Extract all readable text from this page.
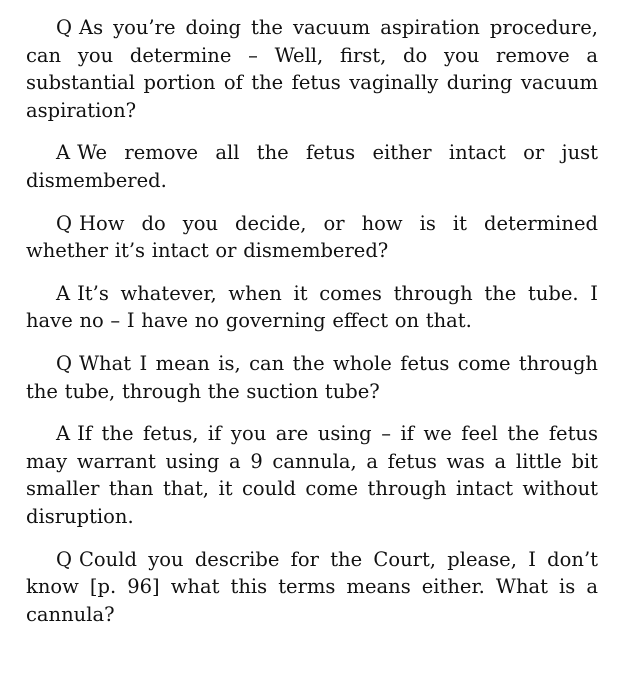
Q As you’re doing the vacuum aspiration procedure, can you determine – Well, first, do you remove a substantial portion of the fetus vaginally during vacuum aspiration?

A We remove all the fetus either intact or just dismembered.

Q How do you decide, or how is it determined whether it’s intact or dismembered?

A It’s whatever, when it comes through the tube. I have no – I have no governing effect on that.

Q What I mean is, can the whole fetus come through the tube, through the suction tube?

A If the fetus, if you are using – if we feel the fetus may warrant using a 9 cannula, a fetus was a little bit smaller than that, it could come through intact without disruption.

Q Could you describe for the Court, please, I don’t know [p. 96] what this terms means either. What is a cannula?
